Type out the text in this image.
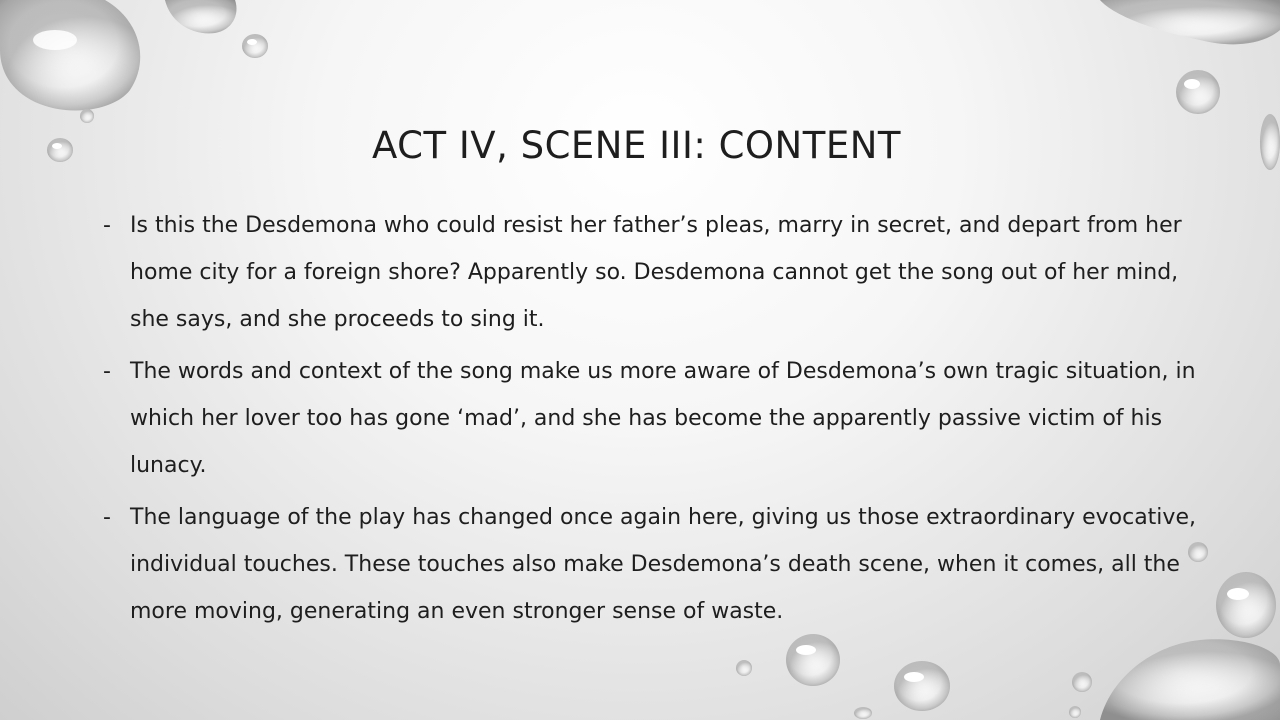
ACT IV, SCENE III: CONTENT
- Is this the Desdemona who could resist her father’s pleas, marry in secret, and depart from her home city for a foreign shore? Apparently so. Desdemona cannot get the song out of her mind, she says, and she proceeds to sing it.
- The words and context of the song make us more aware of Desdemona’s own tragic situation, in which her lover too has gone ‘mad’, and she has become the apparently passive victim of his lunacy.
- The language of the play has changed once again here, giving us those extraordinary evocative, individual touches. These touches also make Desdemona’s death scene, when it comes, all the more moving, generating an even stronger sense of waste.
